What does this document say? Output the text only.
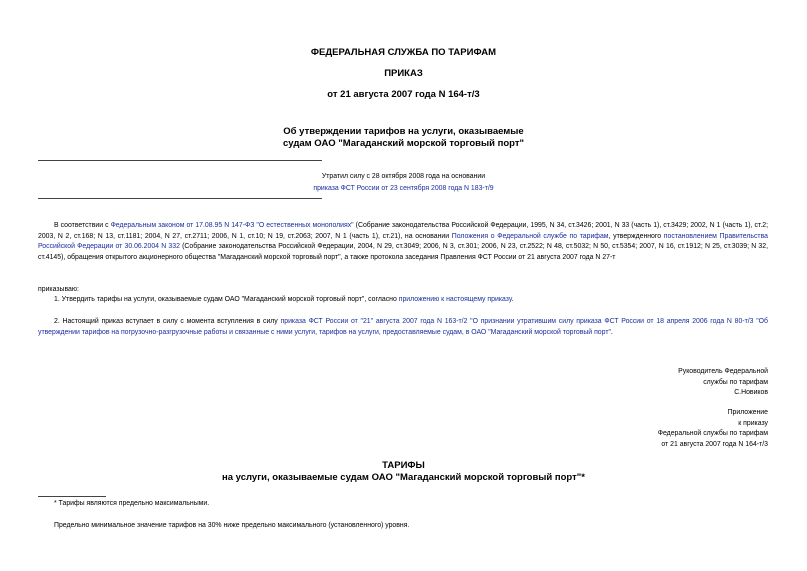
ФЕДЕРАЛЬНАЯ СЛУЖБА ПО ТАРИФАМ
ПРИКАЗ
от 21 августа 2007 года N 164-т/3
Об утверждении тарифов на услуги, оказываемые
судам ОАО "Магаданский морской торговый порт"
Утратил силу с 28 октября 2008 года на основании
приказа ФСТ России от 23 сентября 2008 года N 183-т/9
В соответствии с Федеральным законом от 17.08.95 N 147-ФЗ "О естественных монополиях" (Собрание законодательства Российской Федерации, 1995, N 34, ст.3426; 2001, N 33 (часть 1), ст.3429; 2002, N 1 (часть 1), ст.2; 2003, N 2, ст.168; N 13, ст.1181; 2004, N 27, ст.2711; 2006, N 1, ст.10; N 19, ст.2063; 2007, N 1 (часть 1), ст.21), на основании Положения о Федеральной службе по тарифам, утвержденного постановлением Правительства Российской Федерации от 30.06.2004 N 332 (Собрание законодательства Российской Федерации, 2004, N 29, ст.3049; 2006, N 3, ст.301; 2006, N 23, ст.2522; N 48, ст.5032; N 50, ст.5354; 2007, N 16, ст.1912; N 25, ст.3039; N 32, ст.4145), обращения открытого акционерного общества "Магаданский морской торговый порт", а также протокола заседания Правления ФСТ России от 21 августа 2007 года N 27-т
приказываю:
1. Утвердить тарифы на услуги, оказываемые судам ОАО "Магаданский морской торговый порт", согласно приложению к настоящему приказу.
2. Настоящий приказ вступает в силу с момента вступления в силу приказа ФСТ России от "21" августа 2007 года N 163-т/2 "О признании утратившим силу приказа ФСТ России от 18 апреля 2006 года N 80-т/3 "Об утверждении тарифов на погрузочно-разгрузочные работы и связанные с ними услуги, тарифов на услуги, предоставляемые судам, в ОАО "Магаданский морской торговый порт".
Руководитель Федеральной
службы по тарифам
С.Новиков
Приложение
к приказу
Федеральной службы по тарифам
от 21 августа 2007 года N 164-т/3
ТАРИФЫ
на услуги, оказываемые судам ОАО "Магаданский морской торговый порт"*
* Тарифы являются предельно максимальными.
Предельно минимальное значение тарифов на 30% ниже предельно максимального (установленного) уровня.
